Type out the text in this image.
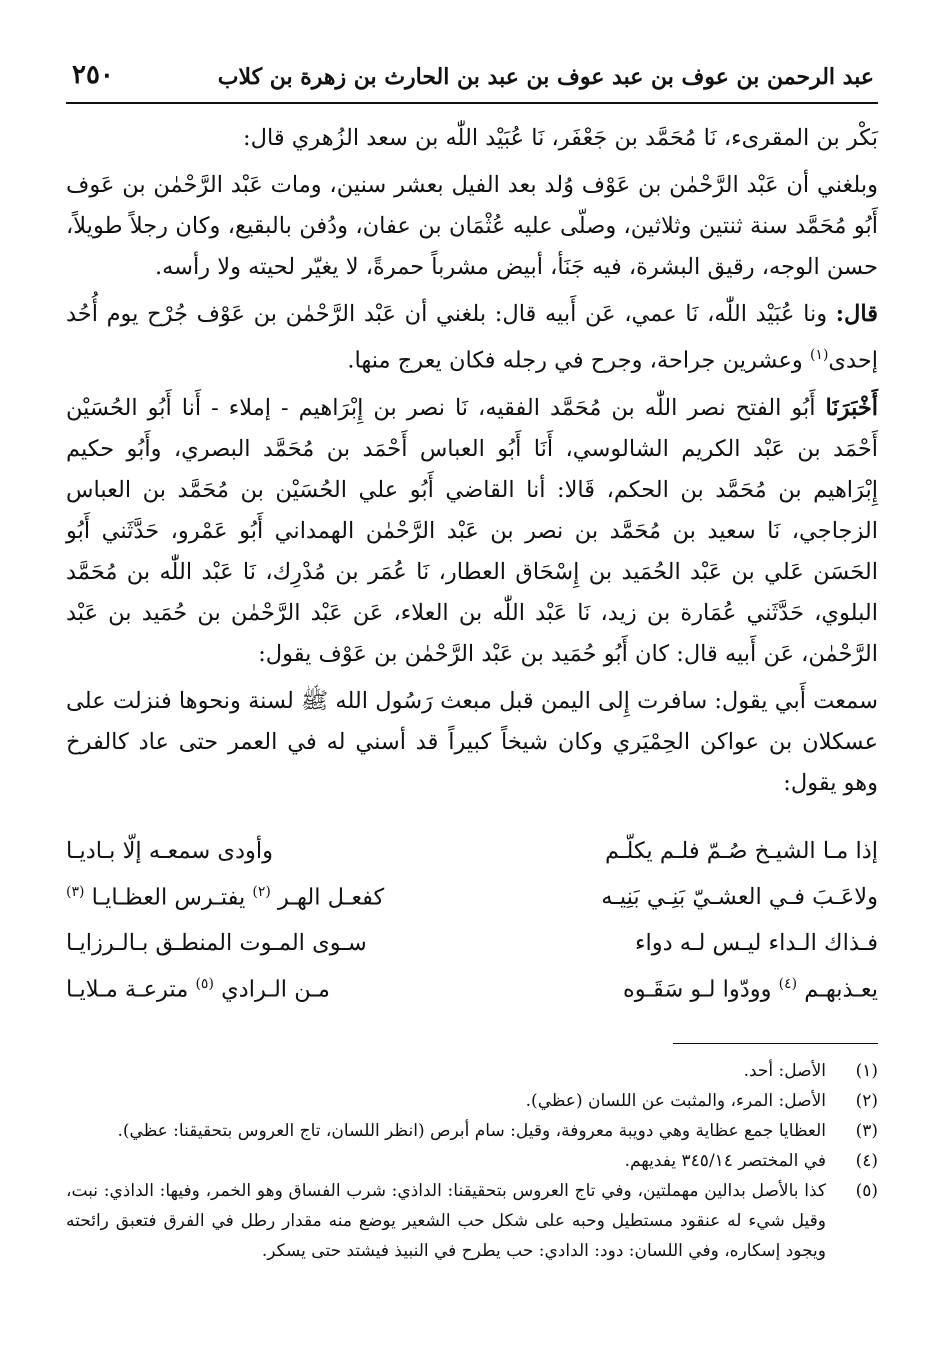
عبد الرحمن بن عوف بن عبد عوف بن عبد بن الحارث بن زهرة بن كلاب
٢٥٠

بَكْر بن المقرىء، نَا مُحَمَّد بن جَعْفَر، نَا عُبَيْد اللّٰه بن سعد الزُهري قال:

وبلغني أن عَبْد الرَّحْمٰن بن عَوْف وُلد بعد الفيل بعشر سنين، ومات عَبْد الرَّحْمٰن بن عَوف أَبُو مُحَمَّد سنة ثنتين وثلاثين، وصلّى عليه عُثْمَان بن عفان، ودُفن بالبقيع، وكان رجلاً طويلاً، حسن الوجه، رقيق البشرة، فيه جَنَأ، أبيض مشرباً حمرةً، لا يغيّر لحيته ولا رأسه.

قال: ونا عُبَيْد اللّٰه، نَا عمي، عَن أَبيه قال: بلغني أن عَبْد الرَّحْمٰن بن عَوْف جُرْح يوم أُحُد إحدى$^{(١)}$ وعشرين جراحة، وجرح في رجله فكان يعرج منها.

أَخْبَرَنَا أَبُو الفتح نصر اللّٰه بن مُحَمَّد الفقيه، نَا نصر بن إِبْرَاهيم - إملاء - أَنا أَبُو الحُسَيْن أَحْمَد بن عَبْد الكريم الشالوسي، أَنَا أَبُو العباس أَحْمَد بن مُحَمَّد البصري، وأَبُو حكيم إِبْرَاهيم بن مُحَمَّد بن الحكم، قَالا: أنا القاضي أَبُو علي الحُسَيْن بن مُحَمَّد بن العباس الزجاجي، نَا سعيد بن مُحَمَّد بن نصر بن عَبْد الرَّحْمٰن الهمداني أَبُو عَمْرو، حَدَّثَني أَبُو الحَسَن عَلي بن عَبْد الحُمَيد بن إِسْحَاق العطار، نَا عُمَر بن مُدْرِك، نَا عَبْد اللّٰه بن مُحَمَّد البلوي، حَدَّثَني عُمَارة بن زيد، نَا عَبْد اللّٰه بن العلاء، عَن عَبْد الرَّحْمٰن بن حُمَيد بن عَبْد الرَّحْمٰن، عَن أَبيه قال: كان أَبُو حُمَيد بن عَبْد الرَّحْمٰن بن عَوْف يقول:

سمعت أَبي يقول: سافرت إِلى اليمن قبل مبعث رَسُول الله ﷺ لسنة ونحوها فنزلت على عسكلان بن عواكن الحِمْيَري وكان شيخاً كبيراً قد أسني له في العمر حتى عاد كالفرخ وهو يقول:

إذا مـا الشيـخ صُـمّ فلـم يكلّـم
وأودى سمعـه إلّا بـاديـا
ولاعَـبَ فـي العشـيّ بَنِـي بَنِيـه
كفعـل الهـر $^{(٢)}$ يفتـرس العظـايـا $^{(٣)}$
فـذاك الـداء ليـس لـه دواء
سـوى المـوت المنطـق بـالـرزايـا
يعـذبهـم $^{(٤)}$ وودّوا لـو سَقَـوه
مـن الـرادي $^{(٥)}$ مترعـة مـلايـا
(١)
الأصل: أحد.
(٢)
الأصل: المرء، والمثبت عن اللسان (عظي).
(٣)
العظايا جمع عظاية وهي دويبة معروفة، وقيل: سام أبرص (انظر اللسان، تاج العروس بتحقيقنا: عظي).
(٤)
في المختصر ٣٤٥/١٤ يفديهم.
(٥)
كذا بالأصل بدالين مهملتين، وفي تاج العروس بتحقيقنا: الداذي: شرب الفساق وهو الخمر، وفيها: الداذي: نبت، وقيل شيء له عنقود مستطيل وحبه على شكل حب الشعير يوضع منه مقدار رطل في الفرق فتعبق رائحته ويجود إسكاره، وفي اللسان: دود: الدادي: حب يطرح في النبيذ فيشتد حتى يسكر.
